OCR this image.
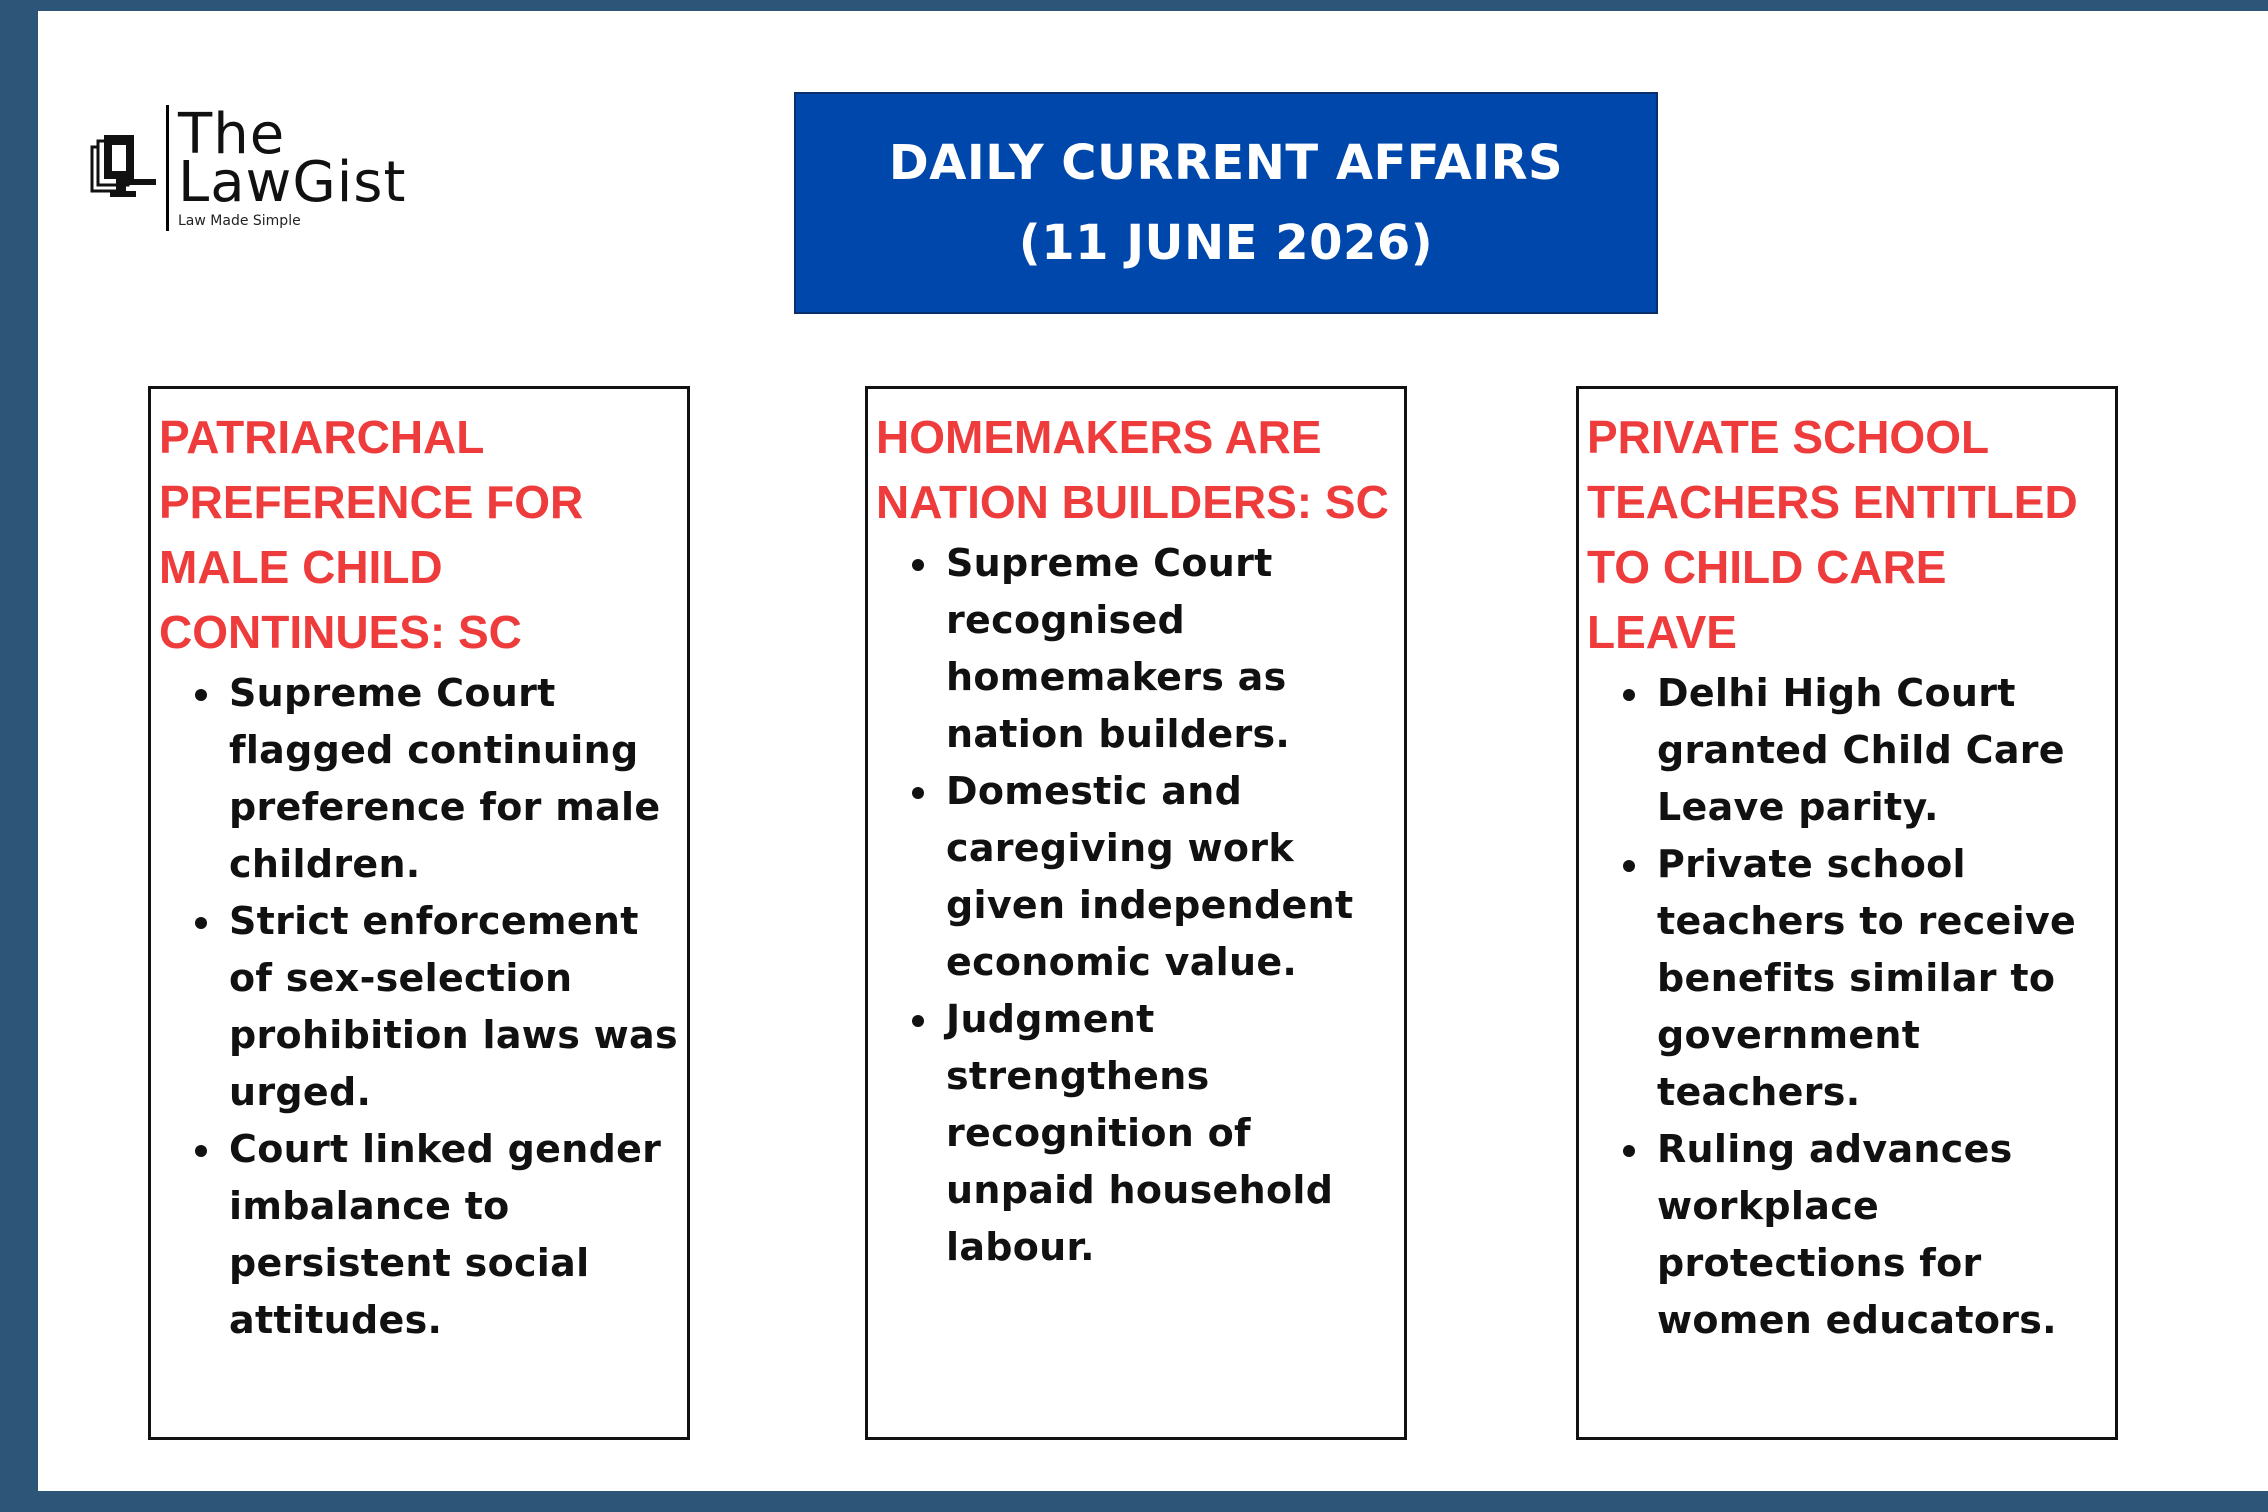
The
LawGist
Law Made Simple
DAILY CURRENT AFFAIRS
(11 JUNE 2026)
PATRIARCHAL
PREFERENCE FOR
MALE CHILD
CONTINUES: SC
Supreme Court flagged continuing preference for male children.
Strict enforcement of sex-selection prohibition laws was urged.
Court linked gender imbalance to persistent social attitudes.
HOMEMAKERS ARE
NATION BUILDERS: SC
Supreme Court recognised homemakers as nation builders.
Domestic and caregiving work given independent economic value.
Judgment strengthens recognition of unpaid household labour.
PRIVATE SCHOOL
TEACHERS ENTITLED
TO CHILD CARE LEAVE
Delhi High Court granted Child Care Leave parity.
Private school teachers to receive benefits similar to government teachers.
Ruling advances workplace protections for women educators.
